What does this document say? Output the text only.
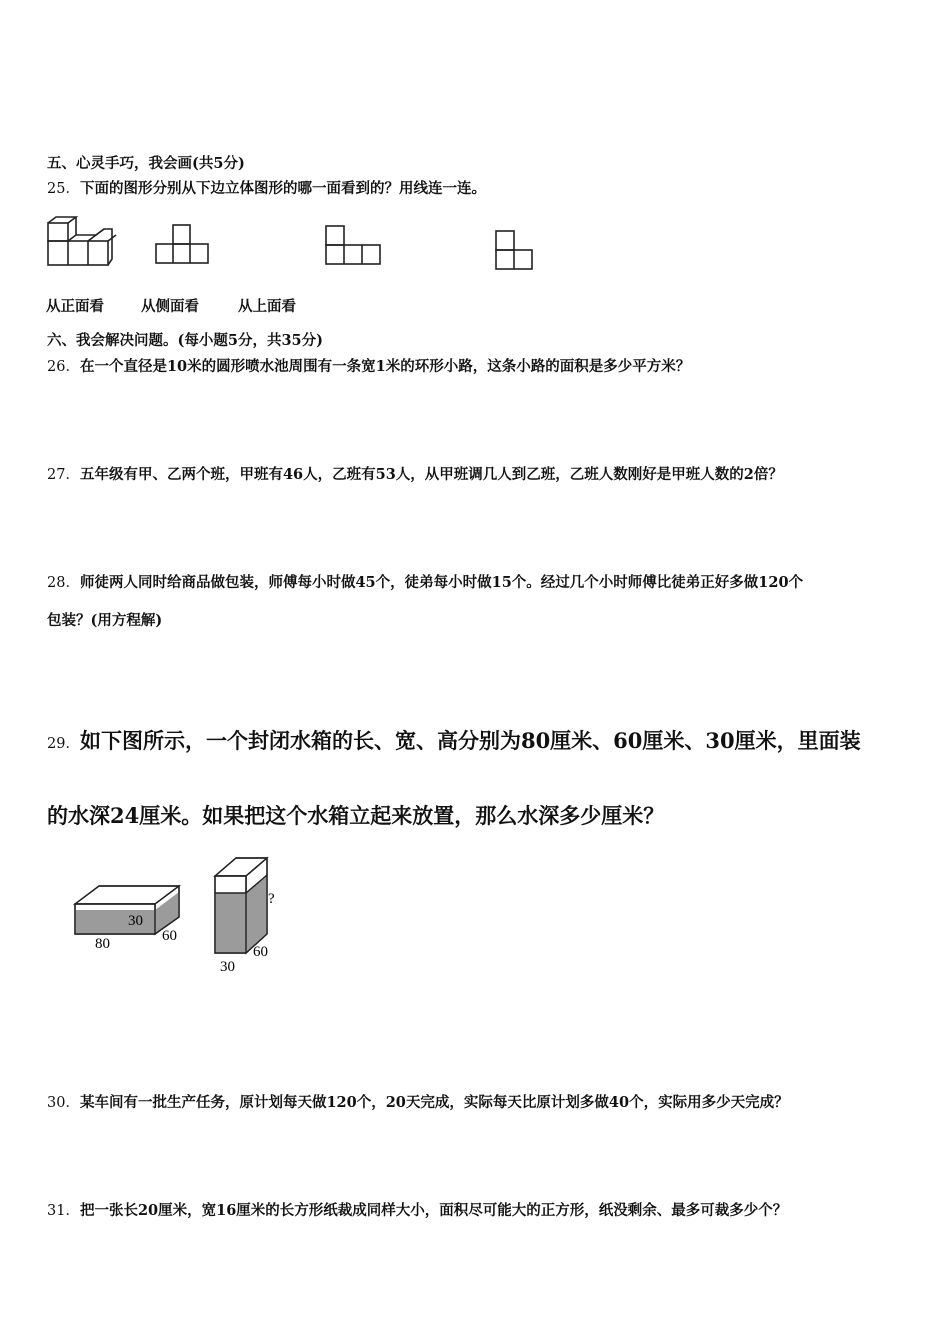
五、心灵手巧，我会画(共5分)
25．下面的图形分别从下边立体图形的哪一面看到的？用线连一连。
从正面看	从侧面看	从上面看
六、我会解决问题。(每小题5分，共35分)
26．在一个直径是10米的圆形喷水池周围有一条宽1米的环形小路，这条小路的面积是多少平方米？
27．五年级有甲、乙两个班，甲班有46人，乙班有53人，从甲班调几人到乙班，乙班人数刚好是甲班人数的2倍？
28．师徒两人同时给商品做包装，师傅每小时做45个，徒弟每小时做15个。经过几个小时师傅比徒弟正好多做120个
包装？(用方程解)
29．如下图所示，一个封闭水箱的长、宽、高分别为80厘米、60厘米、30厘米，里面装
的水深24厘米。如果把这个水箱立起来放置，那么水深多少厘米？
30
80	60
30
60
?
30．某车间有一批生产任务，原计划每天做120个，20天完成，实际每天比原计划多做40个，实际用多少天完成？
31．把一张长20厘米，宽16厘米的长方形纸裁成同样大小，面积尽可能大的正方形，纸没剩余、最多可裁多少个？
